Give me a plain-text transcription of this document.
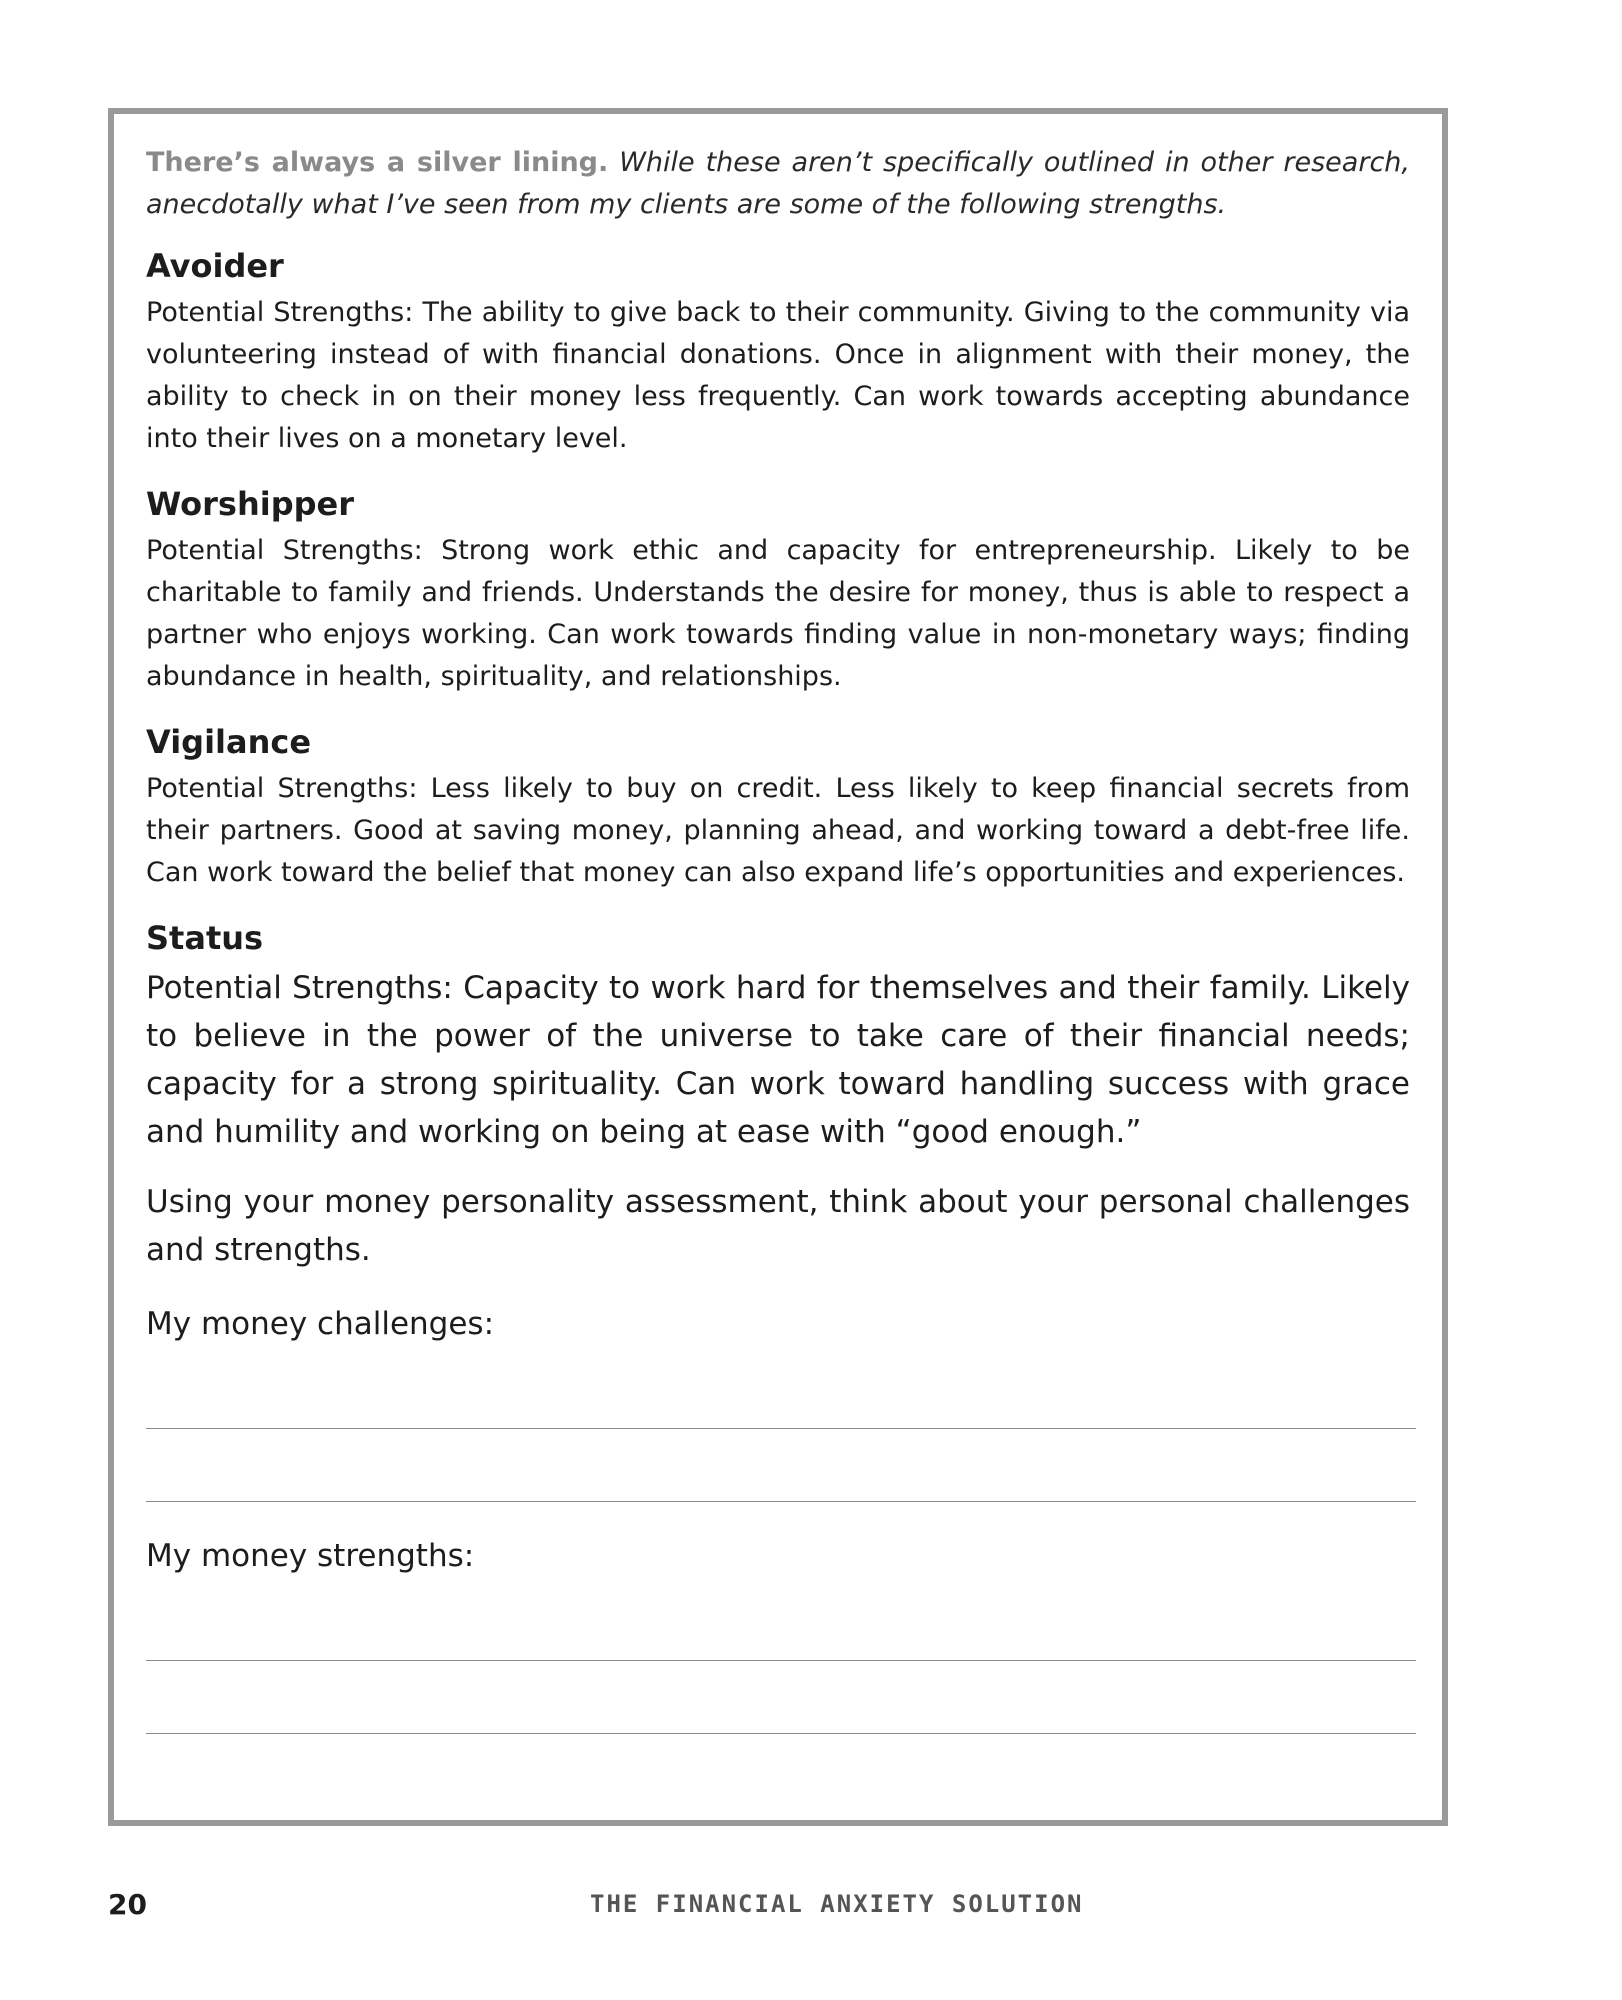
There’s always a silver lining. While these aren’t specifically outlined in other research, anecdotally what I’ve seen from my clients are some of the following strengths.

Avoider

Potential Strengths: The ability to give back to their community. Giving to the community via volunteering instead of with financial donations. Once in alignment with their money, the ability to check in on their money less frequently. Can work towards accepting abundance into their lives on a monetary level.

Worshipper

Potential Strengths: Strong work ethic and capacity for entrepreneurship. Likely to be charitable to family and friends. Understands the desire for money, thus is able to respect a partner who enjoys working. Can work towards finding value in non-monetary ways; finding abundance in health, spirituality, and relationships.

Vigilance

Potential Strengths: Less likely to buy on credit. Less likely to keep financial secrets from their partners. Good at saving money, planning ahead, and working toward a debt-free life. Can work toward the belief that money can also expand life’s opportunities and experiences.

Status

Potential Strengths: Capacity to work hard for themselves and their family. Likely to believe in the power of the universe to take care of their financial needs; capacity for a strong spirituality. Can work toward handling success with grace and humility and working on being at ease with “good enough.”

Using your money personality assessment, think about your personal challenges and strengths.

My money challenges:

My money strengths:

20	THE FINANCIAL ANXIETY SOLUTION
